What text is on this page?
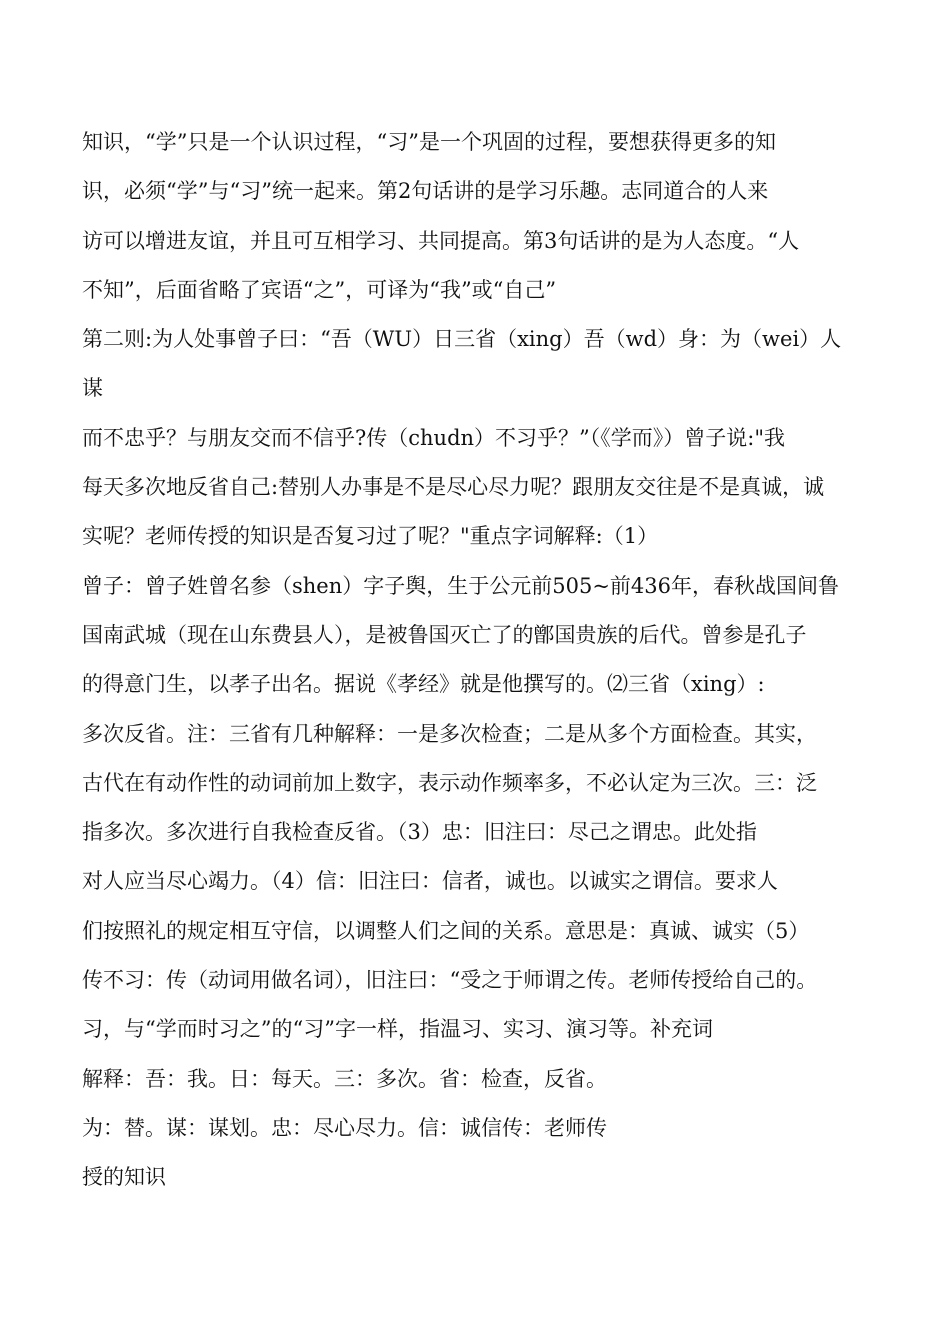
知识，“学”只是一个认识过程，“习”是一个巩固的过程，要想获得更多的知
识，必须“学”与“习”统一起来。第2句话讲的是学习乐趣。志同道合的人来
访可以增进友谊，并且可互相学习、共同提高。第3句话讲的是为人态度。“人
不知”，后面省略了宾语“之”，可译为“我”或“自己”
第二则:为人处事曾子曰：“吾（WU）日三省（xing）吾（wd）身：为（wei）人
谋
而不忠乎？与朋友交而不信乎?传（chudn）不习乎？”（《学而》）曾子说:"我
每天多次地反省自己:替别人办事是不是尽心尽力呢？跟朋友交往是不是真诚，诚
实呢？老师传授的知识是否复习过了呢？"重点字词解释:（1）
曾子：曾子姓曾名参（shen）字子舆，生于公元前505~前436年，春秋战国间鲁
国南武城（现在山东费县人），是被鲁国灭亡了的鄫国贵族的后代。曾参是孔子
的得意门生，以孝子出名。据说《孝经》就是他撰写的。⑵三省（xing）:
多次反省。注：三省有几种解释：一是多次检查；二是从多个方面检查。其实，
古代在有动作性的动词前加上数字，表示动作频率多，不必认定为三次。三：泛
指多次。多次进行自我检查反省。（3）忠：旧注曰：尽己之谓忠。此处指
对人应当尽心竭力。（4）信：旧注曰：信者，诚也。以诚实之谓信。要求人
们按照礼的规定相互守信，以调整人们之间的关系。意思是：真诚、诚实（5）
传不习：传（动词用做名词），旧注曰：“受之于师谓之传。老师传授给自己的。
习，与“学而时习之”的“习”字一样，指温习、实习、演习等。补充词
解释：吾：我。日：每天。三：多次。省：检查，反省。
为：替。谋：谋划。忠：尽心尽力。信：诚信传：老师传
授的知识
